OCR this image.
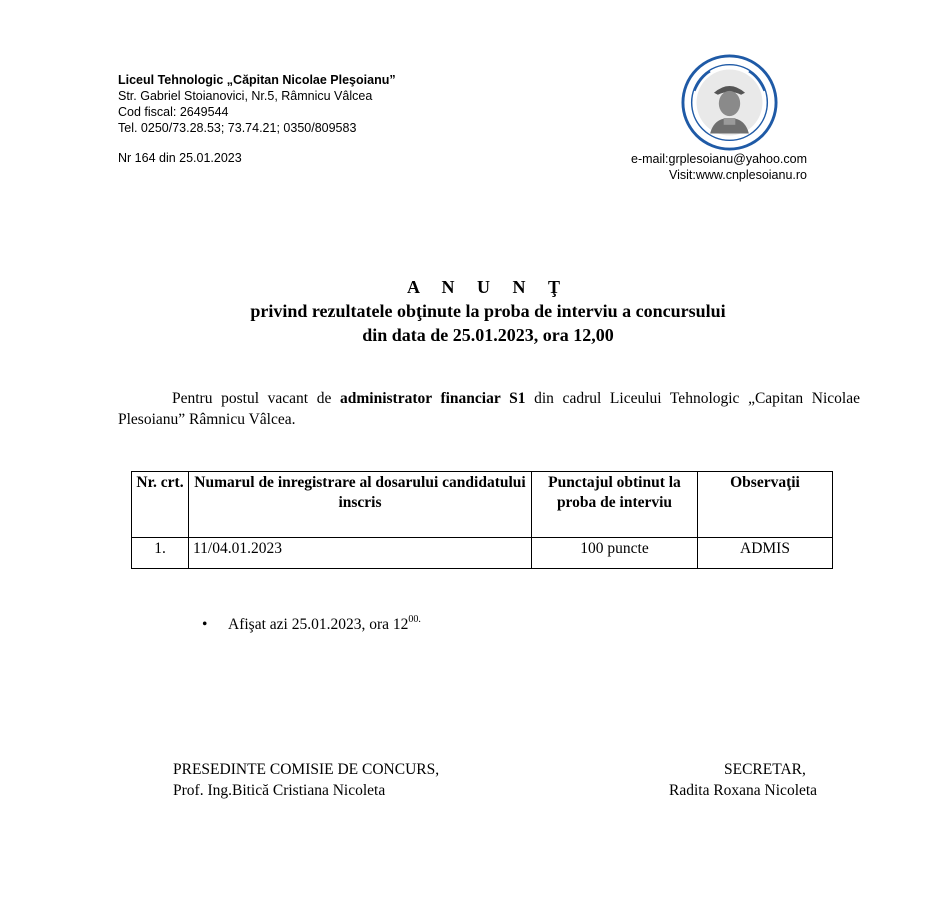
Liceul Tehnologic „Căpitan Nicolae Pleşoianu”
Str. Gabriel Stoianovici, Nr.5, Râmnicu Vâlcea
Cod fiscal: 2649544
Tel. 0250/73.28.53; 73.74.21; 0350/809583
Nr 164 din 25.01.2023	e-mail:grplesoianu@yahoo.com
Visit:www.cnplesoianu.ro
A N U N Ţ
privind rezultatele obţinute la proba de interviu a concursului
din data de 25.01.2023, ora 12,00
Pentru postul vacant de administrator financiar S1 din cadrul Liceului Tehnologic „Capitan Nicolae Plesoianu” Râmnicu Vâlcea.
Nr. crt.	Numarul de inregistrare al dosarului candidatului inscris	Punctajul obtinut la proba de interviu	Observaţii
1.	11/04.01.2023	100 puncte	ADMIS
• Afişat azi 25.01.2023, ora $12^{00.}$
PRESEDINTE COMISIE DE CONCURS,
Prof. Ing.Bitică Cristiana Nicoleta
SECRETAR,
Radita Roxana Nicoleta
